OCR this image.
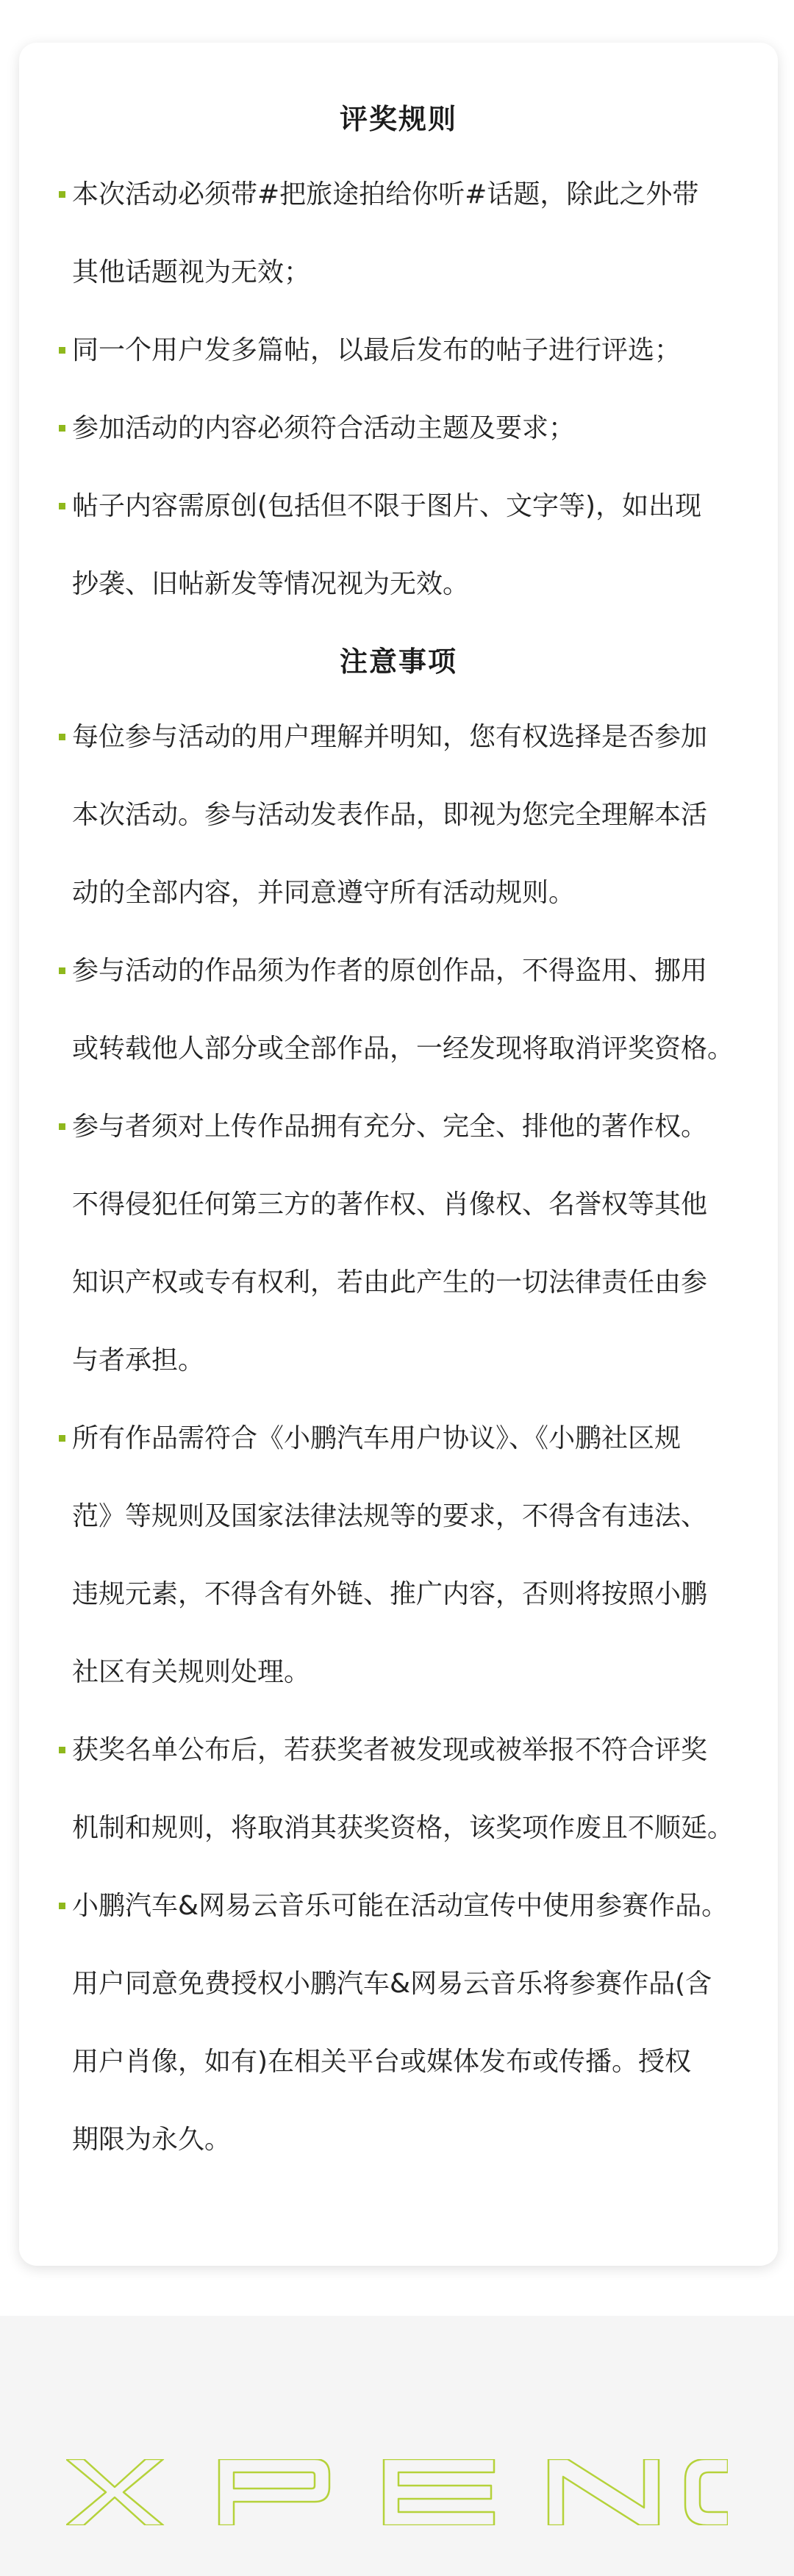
评奖规则
本次活动必须带#把旅途拍给你听#话题，除此之外带
其他话题视为无效；
同一个用户发多篇帖，以最后发布的帖子进行评选；
参加活动的内容必须符合活动主题及要求；
帖子内容需原创(包括但不限于图片、文字等)，如出现
抄袭、旧帖新发等情况视为无效。
注意事项
每位参与活动的用户理解并明知，您有权选择是否参加
本次活动。参与活动发表作品，即视为您完全理解本活
动的全部内容，并同意遵守所有活动规则。
参与活动的作品须为作者的原创作品，不得盗用、挪用
或转载他人部分或全部作品，一经发现将取消评奖资格。
参与者须对上传作品拥有充分、完全、排他的著作权。
不得侵犯任何第三方的著作权、肖像权、名誉权等其他
知识产权或专有权利，若由此产生的一切法律责任由参
与者承担。
所有作品需符合《小鹏汽车用户协议》、《小鹏社区规
范》等规则及国家法律法规等的要求，不得含有违法、
违规元素，不得含有外链、推广内容，否则将按照小鹏
社区有关规则处理。
获奖名单公布后，若获奖者被发现或被举报不符合评奖
机制和规则，将取消其获奖资格，该奖项作废且不顺延。
小鹏汽车&网易云音乐可能在活动宣传中使用参赛作品。
用户同意免费授权小鹏汽车&网易云音乐将参赛作品(含
用户肖像，如有)在相关平台或媒体发布或传播。授权
期限为永久。
